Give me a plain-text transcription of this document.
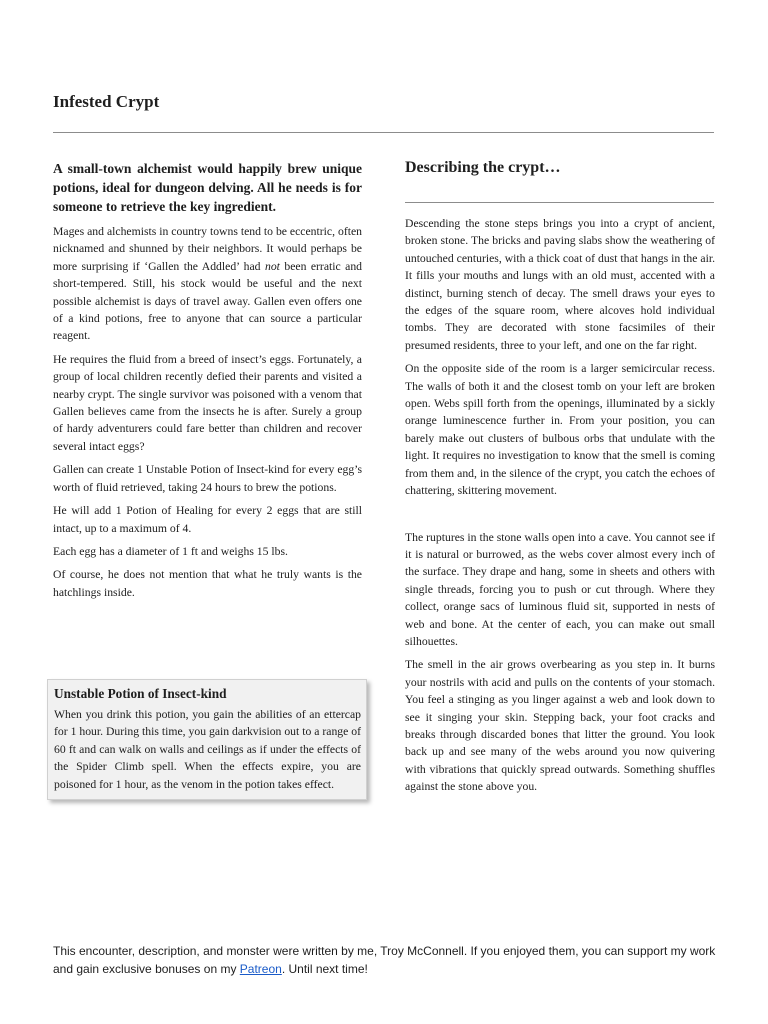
Infested Crypt

A small-town alchemist would happily brew unique potions, ideal for dungeon delving. All he needs is for someone to retrieve the key ingredient.

Mages and alchemists in country towns tend to be eccentric, often nicknamed and shunned by their neighbors. It would perhaps be more surprising if ‘Gallen the Addled’ had not been erratic and short-tempered. Still, his stock would be useful and the next possible alchemist is days of travel away. Gallen even offers one of a kind potions, free to anyone that can source a particular reagent.

He requires the fluid from a breed of insect’s eggs. Fortunately, a group of local children recently defied their parents and visited a nearby crypt. The single survivor was poisoned with a venom that Gallen believes came from the insects he is after. Surely a group of hardy adventurers could fare better than children and recover several intact eggs?

Gallen can create 1 Unstable Potion of Insect-kind for every egg’s worth of fluid retrieved, taking 24 hours to brew the potions.

He will add 1 Potion of Healing for every 2 eggs that are still intact, up to a maximum of 4.

Each egg has a diameter of 1 ft and weighs 15 lbs.

Of course, he does not mention that what he truly wants is the hatchlings inside.

Unstable Potion of Insect-kind

When you drink this potion, you gain the abilities of an ettercap for 1 hour. During this time, you gain darkvision out to a range of 60 ft and can walk on walls and ceilings as if under the effects of the Spider Climb spell. When the effects expire, you are poisoned for 1 hour, as the venom in the potion takes effect.

Describing the crypt…

Descending the stone steps brings you into a crypt of ancient, broken stone. The bricks and paving slabs show the weathering of untouched centuries, with a thick coat of dust that hangs in the air. It fills your mouths and lungs with an old must, accented with a distinct, burning stench of decay. The smell draws your eyes to the edges of the square room, where alcoves hold individual tombs. They are decorated with stone facsimiles of their presumed residents, three to your left, and one on the far right.

On the opposite side of the room is a larger semicircular recess. The walls of both it and the closest tomb on your left are broken open. Webs spill forth from the openings, illuminated by a sickly orange luminescence further in. From your position, you can barely make out clusters of bulbous orbs that undulate with the light. It requires no investigation to know that the smell is coming from them and, in the silence of the crypt, you catch the echoes of chattering, skittering movement.

The ruptures in the stone walls open into a cave. You cannot see if it is natural or burrowed, as the webs cover almost every inch of the surface. They drape and hang, some in sheets and others with single threads, forcing you to push or cut through. Where they collect, orange sacs of luminous fluid sit, supported in nests of web and bone. At the center of each, you can make out small silhouettes.

The smell in the air grows overbearing as you step in. It burns your nostrils with acid and pulls on the contents of your stomach. You feel a stinging as you linger against a web and look down to see it singing your skin. Stepping back, your foot cracks and breaks through discarded bones that litter the ground. You look back up and see many of the webs around you now quivering with vibrations that quickly spread outwards. Something shuffles against the stone above you.

This encounter, description, and monster were written by me, Troy McConnell. If you enjoyed them, you can support my work and gain exclusive bonuses on my Patreon. Until next time!
